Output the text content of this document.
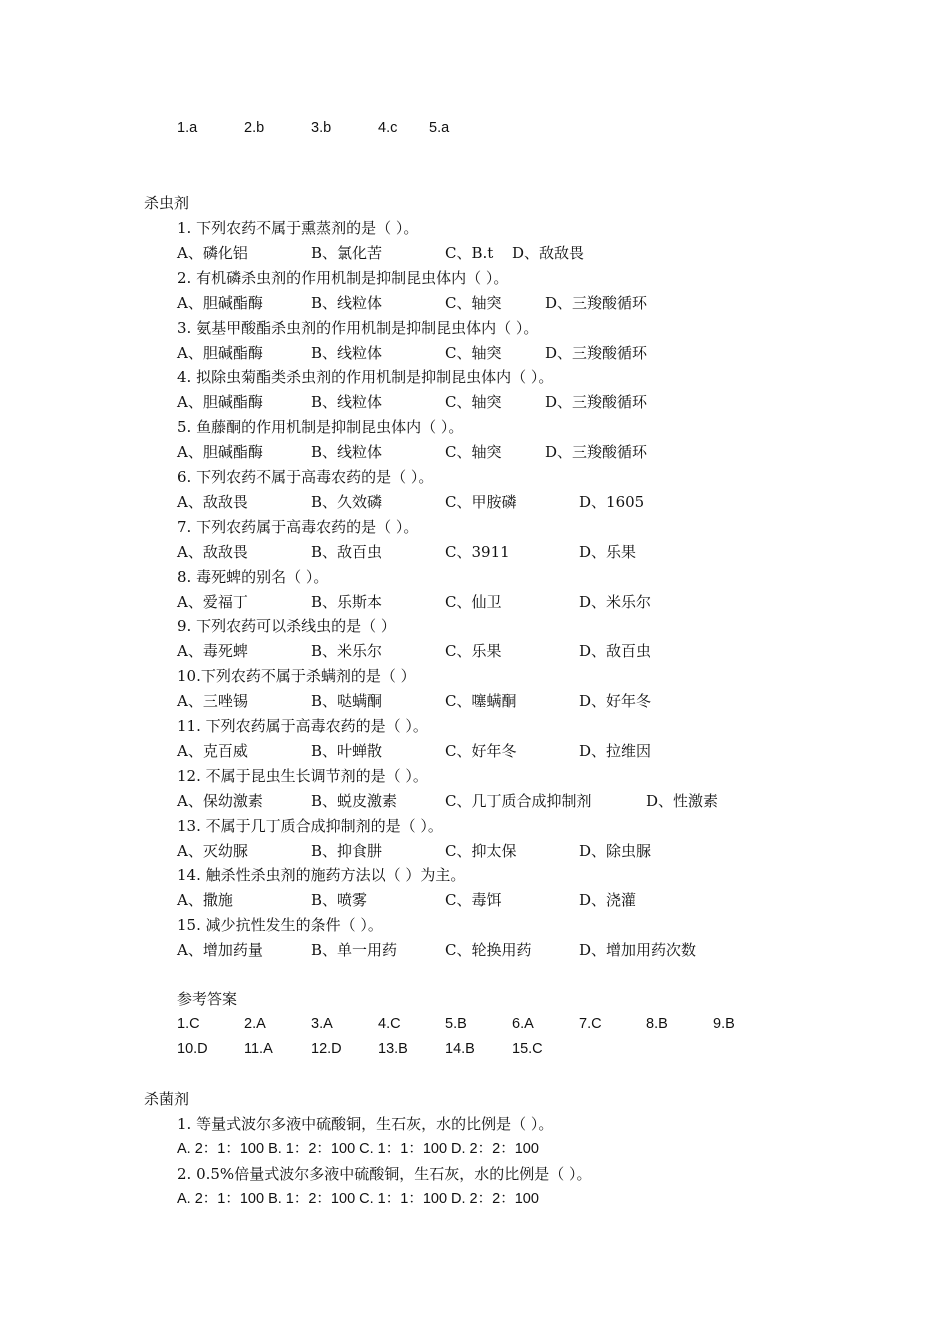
1.a	2.b	3.b	4.c 5.a
杀虫剂
1. 下列农药不属于熏蒸剂的是（ ）。
A、磷化铝	B、氯化苦	C、B.t D、敌敌畏
2. 有机磷杀虫剂的作用机制是抑制昆虫体内（ ）。
A、胆碱酯酶	B、线粒体	C、轴突	D、三羧酸循环
3. 氨基甲酸酯杀虫剂的作用机制是抑制昆虫体内（ ）。
A、胆碱酯酶	B、线粒体	C、轴突	D、三羧酸循环
4. 拟除虫菊酯类杀虫剂的作用机制是抑制昆虫体内（ ）。
A、胆碱酯酶	B、线粒体	C、轴突	D、三羧酸循环
5. 鱼藤酮的作用机制是抑制昆虫体内（ ）。
A、胆碱酯酶	B、线粒体	C、轴突	D、三羧酸循环
6. 下列农药不属于高毒农药的是（ ）。
A、敌敌畏	B、久效磷	C、甲胺磷	D、1605
7. 下列农药属于高毒农药的是（ ）。
A、敌敌畏	B、敌百虫	C、3911	D、乐果
8. 毒死蜱的别名（ ）。
A、爱福丁	B、乐斯本	C、仙卫	D、米乐尔
9. 下列农药可以杀线虫的是（ ）
A、毒死蜱	B、米乐尔	C、乐果	D、敌百虫
10.下列农药不属于杀螨剂的是（ ）
A、三唑锡	B、哒螨酮	C、噻螨酮	D、好年冬
11. 下列农药属于高毒农药的是（ ）。
A、克百威	B、叶蝉散	C、好年冬	D、拉维因
12. 不属于昆虫生长调节剂的是（ ）。
A、保幼激素	B、蜕皮激素	C、几丁质合成抑制剂	D、性激素
13. 不属于几丁质合成抑制剂的是（ ）。
A、灭幼脲	B、抑食肼	C、抑太保	D、除虫脲
14. 触杀性杀虫剂的施药方法以（ ）为主。
A、撒施	B、喷雾	C、毒饵	D、浇灌
15. 减少抗性发生的条件（ ）。
A、增加药量	B、单一用药	C、轮换用药	D、增加用药次数
参考答案
1.C	2.A	3.A	4.C	5.B	6.A	7.C	8.B	9.B
10.D	11.A	12.D	13.B	14.B	15.C
杀菌剂
1. 等量式波尔多液中硫酸铜，生石灰，水的比例是（ ）。
A. 2：1：100 B. 1：2：100 C. 1：1：100 D. 2：2：100
2. 0.5%倍量式波尔多液中硫酸铜，生石灰，水的比例是（ ）。
A. 2：1：100 B. 1：2：100 C. 1：1：100 D. 2：2：100
